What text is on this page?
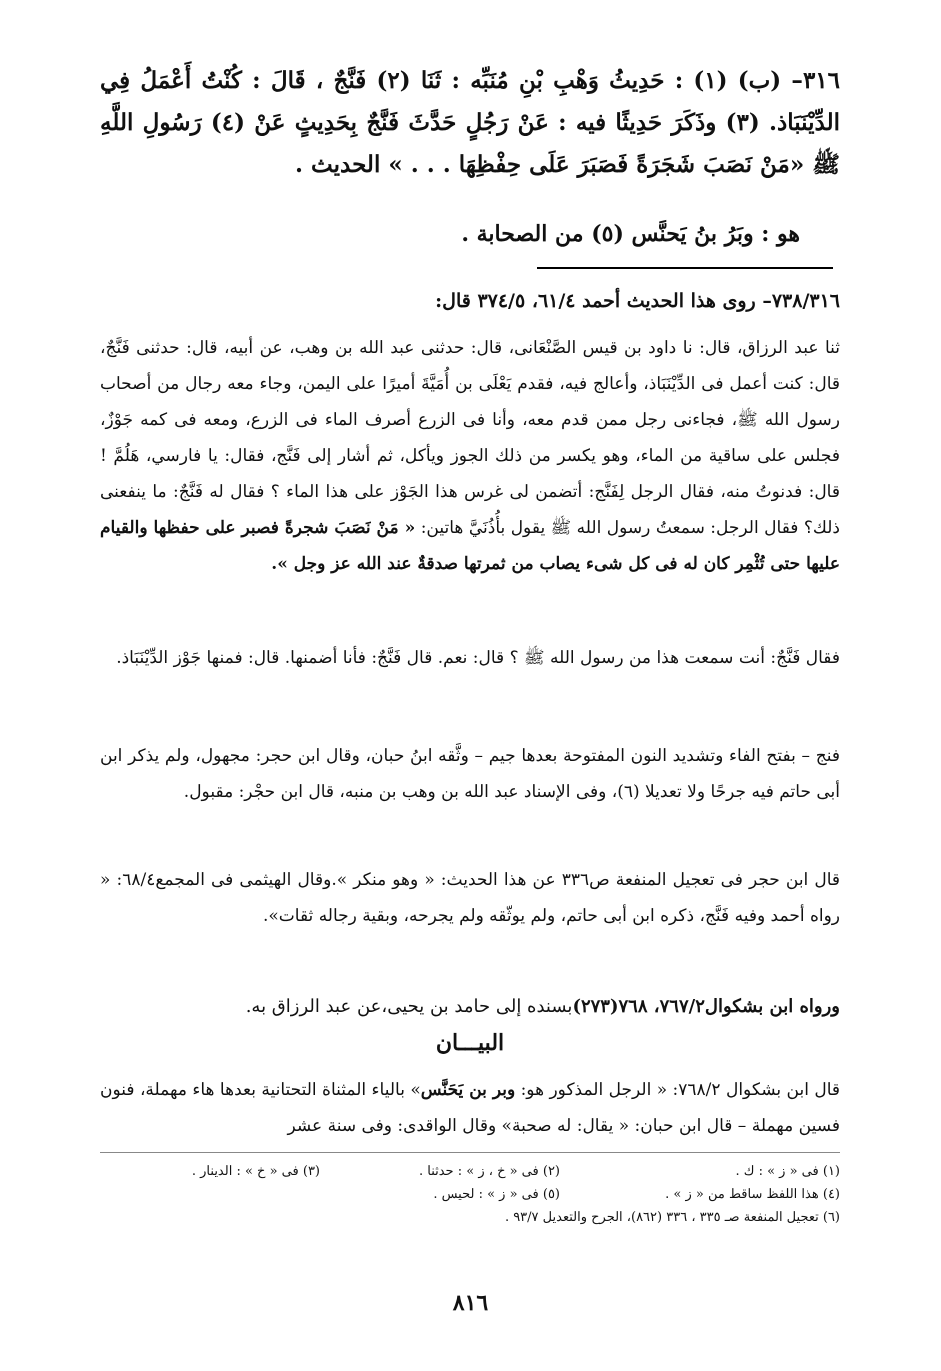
٣١٦– (ب) (١) : حَدِيثُ وَهْبِ بْنِ مُنَبِّه : ثَنَا (٢) فَنَّجٌ ، قَالَ : كُنْتُ أَعْمَلُ فِي الدِّيْنَبَاذ. (٣) وذَكَرَ حَدِيثًا فيه : عَنْ رَجُلٍ حَدَّثَ فَنَّجٌ بِحَدِيثٍ عَنْ (٤) رَسُولِ اللَّهِ ﷺ «مَنْ نَصَبَ شَجَرَةً فَصَبَرَ عَلَى حِفْظِهَا . . . » الحديث .
هو : وبَرُ بنُ يَحنَّس (٥) من الصحابة .
٧٣٨/٣١٦– روى هذا الحديث أحمد ٦١/٤، ٣٧٤/٥ قال:
ثنا عبد الرزاق، قال: نا داود بن قيس الصَّنْعَانى، قال: حدثنى عبد الله بن وهب، عن أبيه، قال: حدثنى فَنَّجٌ، قال: كنت أعمل فى الدِّيْنَبَاذ، وأعالج فيه، فقدم يَعْلَى بن أُمَيَّةَ أميرًا على اليمن، وجاء معه رجال من أصحاب رسول الله ﷺ، فجاءنى رجل ممن قدم معه، وأنا فى الزرع أصرف الماء فى الزرع، ومعه فى كمه جَوْزٌ، فجلس على ساقية من الماء، وهو يكسر من ذلك الجوز ويأكل، ثم أشار إلى فَنَّج، فقال: يا فارسي، هَلُمَّ ! قال: فدنوتُ منه، فقال الرجل لِفَنَّج: أتضمن لى غرس هذا الجَوْز على هذا الماء ؟ فقال له فَنَّجٌ: ما ينفعنى ذلك؟ فقال الرجل: سمعتُ رسول الله ﷺ يقول بأُذُنَيَّ هاتين: « مَنْ نَصَبَ شجرةً فصبر على حفظها والقيام عليها حتى تُثْمِر كان له فى كل شىء يصاب من ثمرتها صدقةٌ عند الله عز وجل ».
فقال فَنَّجٌ: أنت سمعت هذا من رسول الله ﷺ ؟ قال: نعم. قال فَنَّجٌ: فأنا أضمنها. قال: فمنها جَوْز الدِّيْنَبَاذ.
فنج – بفتح الفاء وتشديد النون المفتوحة بعدها جيم – وثَّقه ابنُ حبان، وقال ابن حجر: مجهول، ولم يذكر ابن أبى حاتم فيه جرحًا ولا تعديلا (٦)، وفى الإسناد عبد الله بن وهب بن منبه، قال ابن حجْر: مقبول.
قال ابن حجر فى تعجيل المنفعة ص٣٣٦ عن هذا الحديث: « وهو منكر ».وقال الهيثمى فى المجمع٦٨/٤: « رواه أحمد وفيه فَنَّج، ذكره ابن أبى حاتم، ولم يوثّقه ولم يجرحه، وبقية رجاله ثقات».
ورواه ابن بشكوال٧٦٧/٢، ٧٦٨(٢٧٣)بسنده إلى حامد بن يحيى،عن عبد الرزاق به.
البيـــان
قال ابن بشكوال ٧٦٨/٢: « الرجل المذكور هو: وبر بن يَحَنَّس» بالياء المثناة التحتانية بعدها هاء مهملة، فنون فسين مهملة – قال ابن حبان: « يقال: له صحبة» وقال الواقدى: وفى سنة عشر
(١) فى « ز » : ك .
(٢) فى « خ ، ز » : حدثنا .
(٣) فى « خ » : الدينار .
(٤) هذا اللفظ ساقط من « ز » .
(٥) فى « ز » : لحيس .
(٦) تعجيل المنفعة صـ ٣٣٥ ، ٣٣٦ (٨٦٢)، الجرح والتعديل ٩٣/٧ .
٨١٦
